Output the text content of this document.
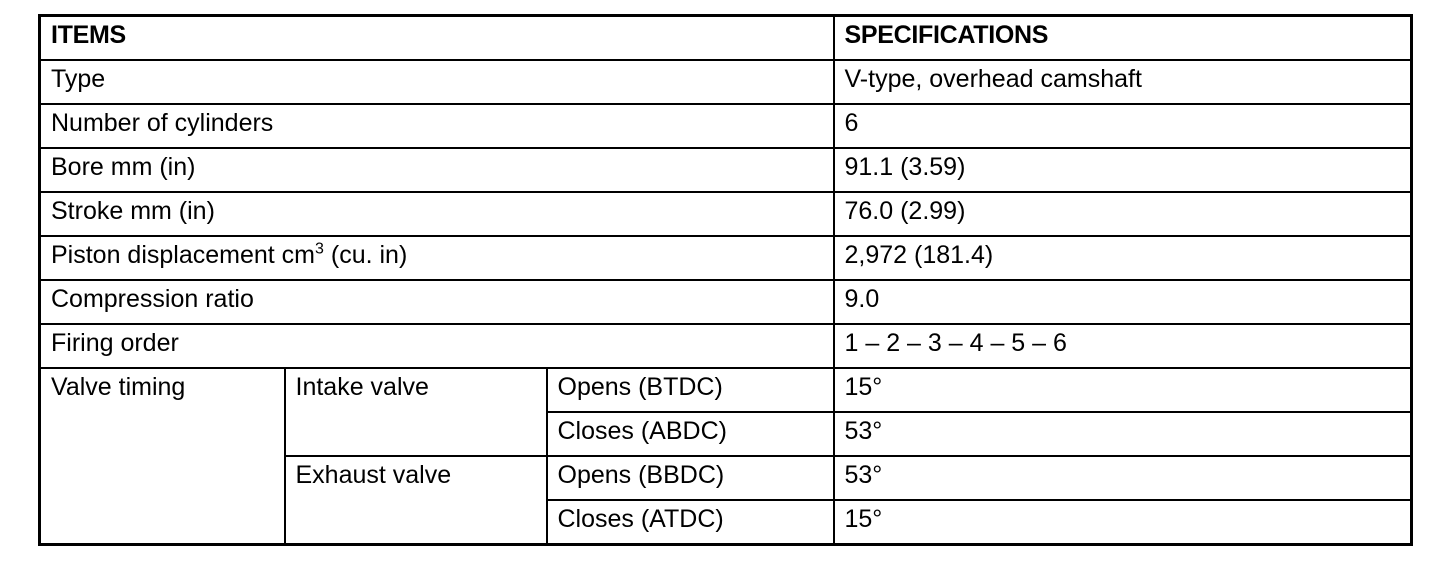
ITEMS			SPECIFICATIONS
Type			V-type, overhead camshaft
Number of cylinders			6
Bore mm (in)			91.1 (3.59)
Stroke mm (in)			76.0 (2.99)
Piston displacement $cm^3$ (cu. in)			2,972 (181.4)
Compression ratio			9.0
Firing order			1 – 2 – 3 – 4 – 5 – 6
Valve timing	Intake valve	Opens (BTDC)	15°
		Closes (ABDC)	53°
	Exhaust valve	Opens (BBDC)	53°
		Closes (ATDC)	15°
